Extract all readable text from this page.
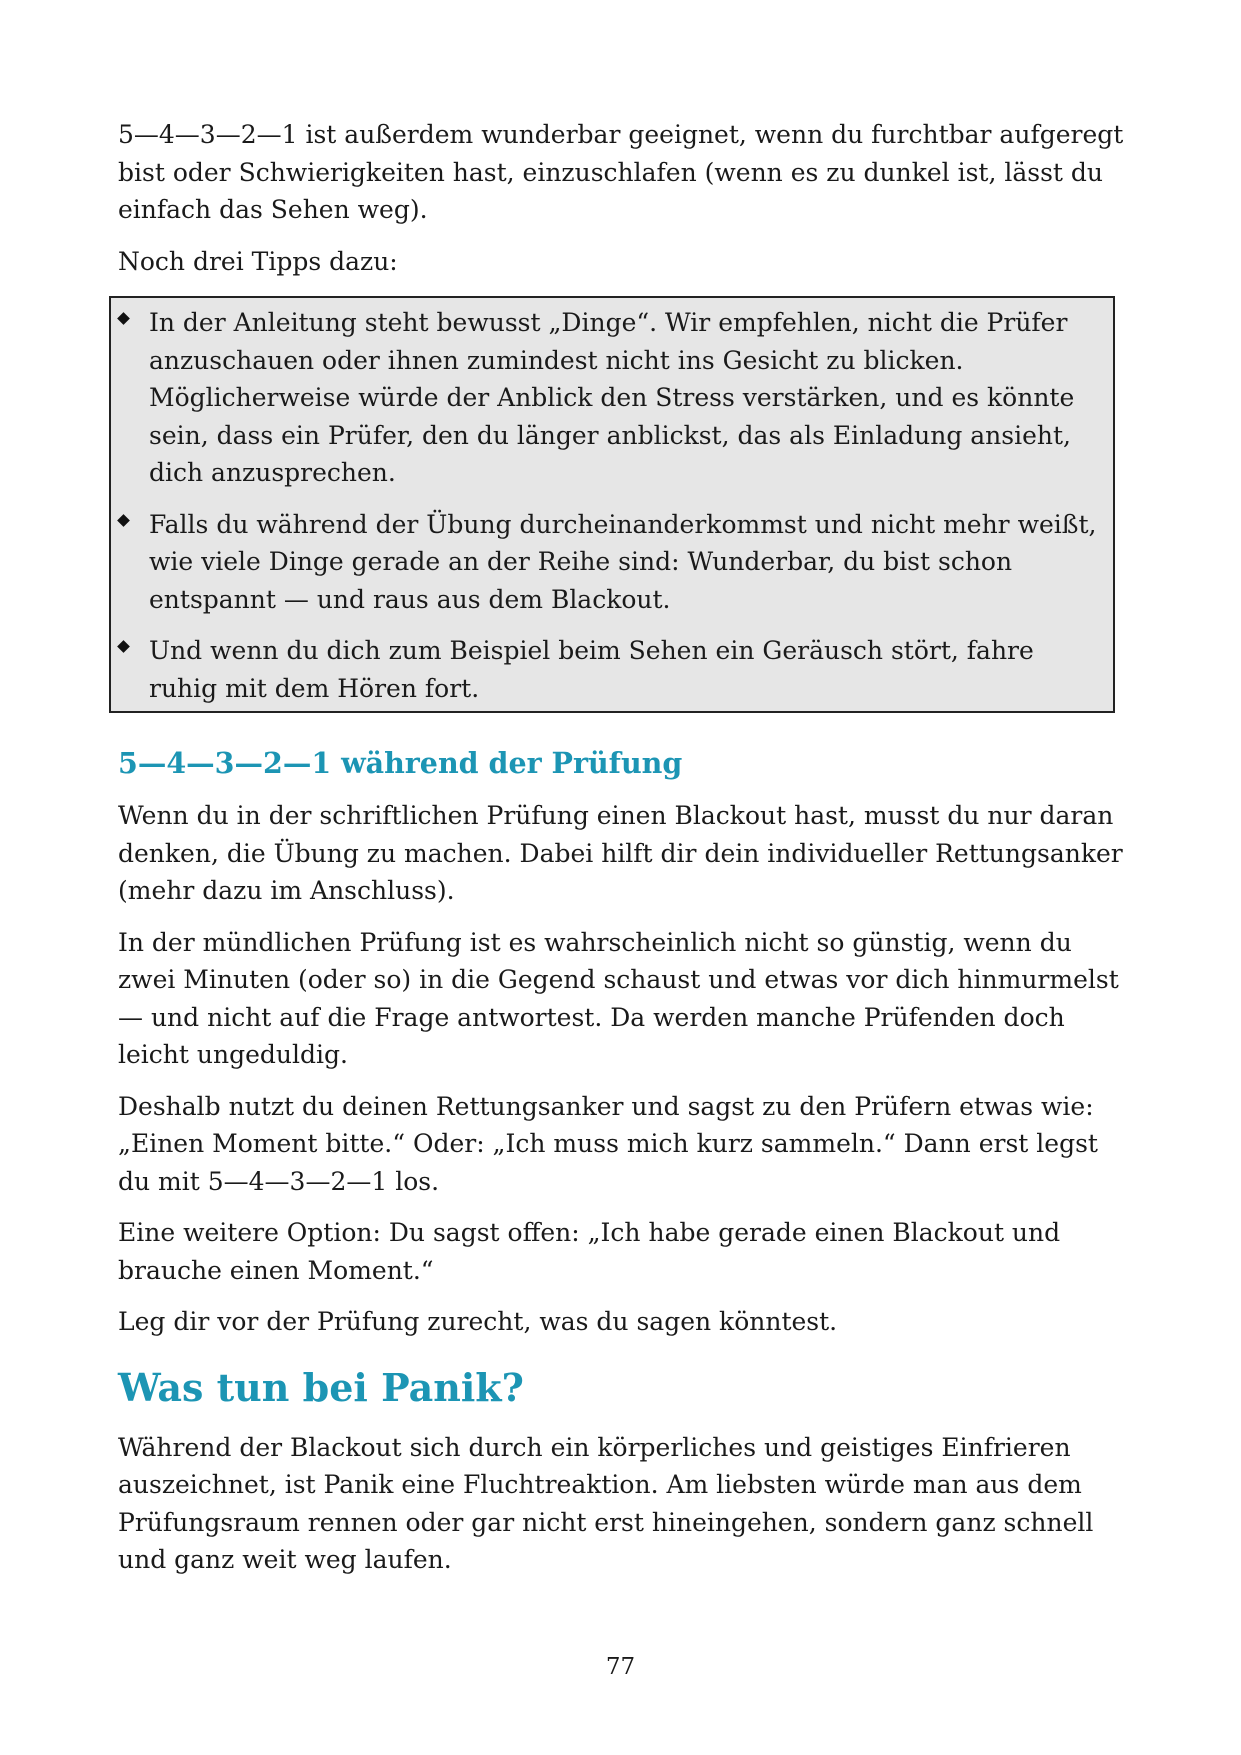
5—4—3—2—1 ist außerdem wunderbar geeignet, wenn du furchtbar aufgeregt bist oder Schwierigkeiten hast, einzuschlafen (wenn es zu dunkel ist, lässt du einfach das Sehen weg).

Noch drei Tipps dazu:

In der Anleitung steht bewusst „Dinge“. Wir empfehlen, nicht die Prüfer anzuschauen oder ihnen zumindest nicht ins Gesicht zu blicken. Möglicherweise würde der Anblick den Stress verstärken, und es könnte sein, dass ein Prüfer, den du länger anblickst, das als Einladung ansieht, dich anzusprechen.
Falls du während der Übung durcheinanderkommst und nicht mehr weißt, wie viele Dinge gerade an der Reihe sind: Wunderbar, du bist schon entspannt — und raus aus dem Blackout.
Und wenn du dich zum Beispiel beim Sehen ein Geräusch stört, fahre ruhig mit dem Hören fort.
5—4—3—2—1 während der Prüfung

Wenn du in der schriftlichen Prüfung einen Blackout hast, musst du nur daran denken, die Übung zu machen. Dabei hilft dir dein individueller Rettungsanker (mehr dazu im Anschluss).

In der mündlichen Prüfung ist es wahrscheinlich nicht so günstig, wenn du zwei Minuten (oder so) in die Gegend schaust und etwas vor dich hinmurmelst — und nicht auf die Frage antwortest. Da werden manche Prüfenden doch leicht ungeduldig.

Deshalb nutzt du deinen Rettungsanker und sagst zu den Prüfern etwas wie: „Einen Moment bitte.“ Oder: „Ich muss mich kurz sammeln.“ Dann erst legst du mit 5—4—3—2—1 los.

Eine weitere Option: Du sagst offen: „Ich habe gerade einen Blackout und brauche einen Moment.“

Leg dir vor der Prüfung zurecht, was du sagen könntest.

Was tun bei Panik?

Während der Blackout sich durch ein körperliches und geistiges Einfrieren auszeichnet, ist Panik eine Fluchtreaktion. Am liebsten würde man aus dem Prüfungsraum rennen oder gar nicht erst hineingehen, sondern ganz schnell und ganz weit weg laufen.

77
